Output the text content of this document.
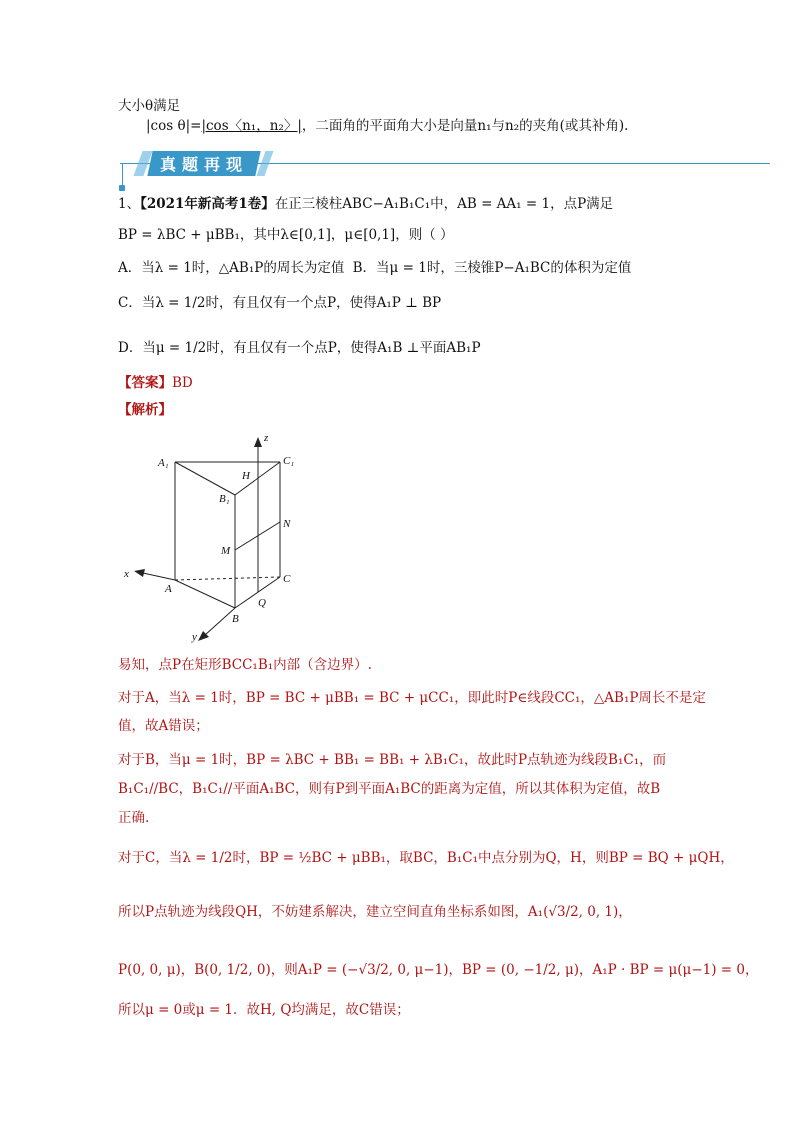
大小θ满足
|cos θ|=|cos〈n₁，n₂〉|，二面角的平面角大小是向量n₁与n₂的夹角(或其补角).
真题再现
1、【2021年新高考1卷】在正三棱柱ABC−A₁B₁C₁中，AB = AA₁ = 1，点P满足
BP = λBC + μBB₁，其中λ∈[0,1]，μ∈[0,1]，则（ ）
A．当λ = 1时，△AB₁P的周长为定值 B．当μ = 1时，三棱锥P−A₁BC的体积为定值
C．当λ = 1/2时，有且仅有一个点P，使得A₁P ⊥ BP
D．当μ = 1/2时，有且仅有一个点P，使得A₁B ⊥平面AB₁P
【答案】BD
【解析】
A₁	C₁
H
B₁
N
M
C
A
Q
B
x
y
z
易知，点P在矩形BCC₁B₁内部（含边界）.
对于A，当λ = 1时，BP = BC + μBB₁ = BC + μCC₁，即此时P∈线段CC₁，△AB₁P周长不是定
值，故A错误；
对于B，当μ = 1时，BP = λBC + BB₁ = BB₁ + λB₁C₁，故此时P点轨迹为线段B₁C₁，而
B₁C₁//BC，B₁C₁//平面A₁BC，则有P到平面A₁BC的距离为定值，所以其体积为定值，故B
正确.
对于C，当λ = 1/2时，BP = ½BC + μBB₁，取BC，B₁C₁中点分别为Q，H，则BP = BQ + μQH，
所以P点轨迹为线段QH，不妨建系解决，建立空间直角坐标系如图，A₁(√3/2, 0, 1)，
P(0, 0, μ)，B(0, 1/2, 0)，则A₁P = (−√3/2, 0, μ−1)，BP = (0, −1/2, μ)，A₁P · BP = μ(μ−1) = 0，
所以μ = 0或μ = 1．故H, Q均满足，故C错误；
